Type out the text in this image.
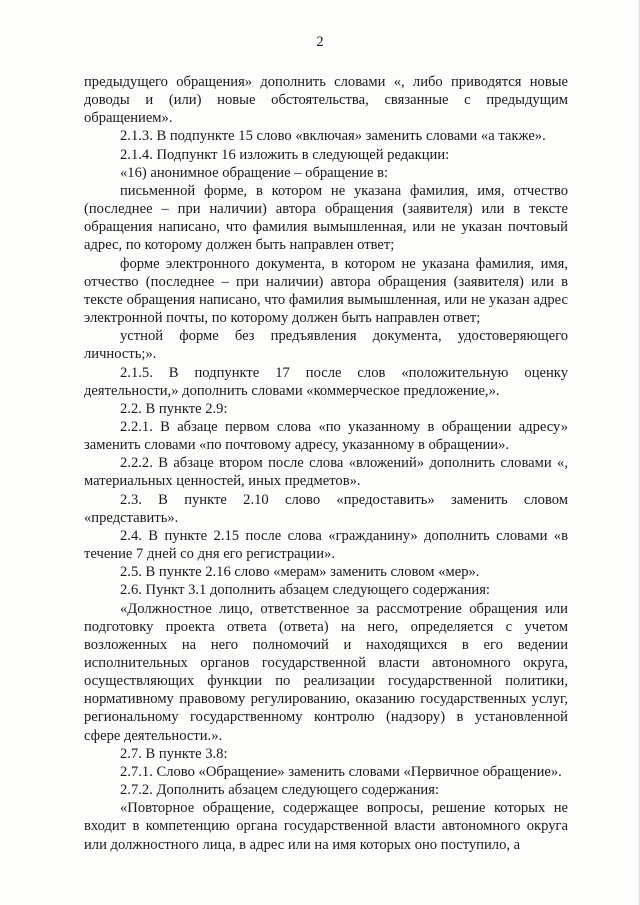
2

предыдущего обращения» дополнить словами «, либо приводятся новые доводы и (или) новые обстоятельства, связанные с предыдущим обращением».

2.1.3. В подпункте 15 слово «включая» заменить словами «а также».

2.1.4. Подпункт 16 изложить в следующей редакции:

«16) анонимное обращение – обращение в:

письменной форме, в котором не указана фамилия, имя, отчество (последнее – при наличии) автора обращения (заявителя) или в тексте обращения написано, что фамилия вымышленная, или не указан почтовый адрес, по которому должен быть направлен ответ;

форме электронного документа, в котором не указана фамилия, имя, отчество (последнее – при наличии) автора обращения (заявителя) или в тексте обращения написано, что фамилия вымышленная, или не указан адрес электронной почты, по которому должен быть направлен ответ;

устной форме без предъявления документа, удостоверяющего личность;».

2.1.5. В подпункте 17 после слов «положительную оценку деятельности,» дополнить словами «коммерческое предложение,».

2.2. В пункте 2.9:

2.2.1. В абзаце первом слова «по указанному в обращении адресу» заменить словами «по почтовому адресу, указанному в обращении».

2.2.2. В абзаце втором после слова «вложений» дополнить словами «, материальных ценностей, иных предметов».

2.3. В пункте 2.10 слово «предоставить» заменить словом «представить».

2.4. В пункте 2.15 после слова «гражданину» дополнить словами «в течение 7 дней со дня его регистрации».

2.5. В пункте 2.16 слово «мерам» заменить словом «мер».

2.6. Пункт 3.1 дополнить абзацем следующего содержания:

«Должностное лицо, ответственное за рассмотрение обращения или подготовку проекта ответа (ответа) на него, определяется с учетом возложенных на него полномочий и находящихся в его ведении исполнительных органов государственной власти автономного округа, осуществляющих функции по реализации государственной политики, нормативному правовому регулированию, оказанию государственных услуг, региональному государственному контролю (надзору) в установленной сфере деятельности.».

2.7. В пункте 3.8:

2.7.1. Слово «Обращение» заменить словами «Первичное обращение».

2.7.2. Дополнить абзацем следующего содержания:

«Повторное обращение, содержащее вопросы, решение которых не входит в компетенцию органа государственной власти автономного округа или должностного лица, в адрес или на имя которых оно поступило, а
